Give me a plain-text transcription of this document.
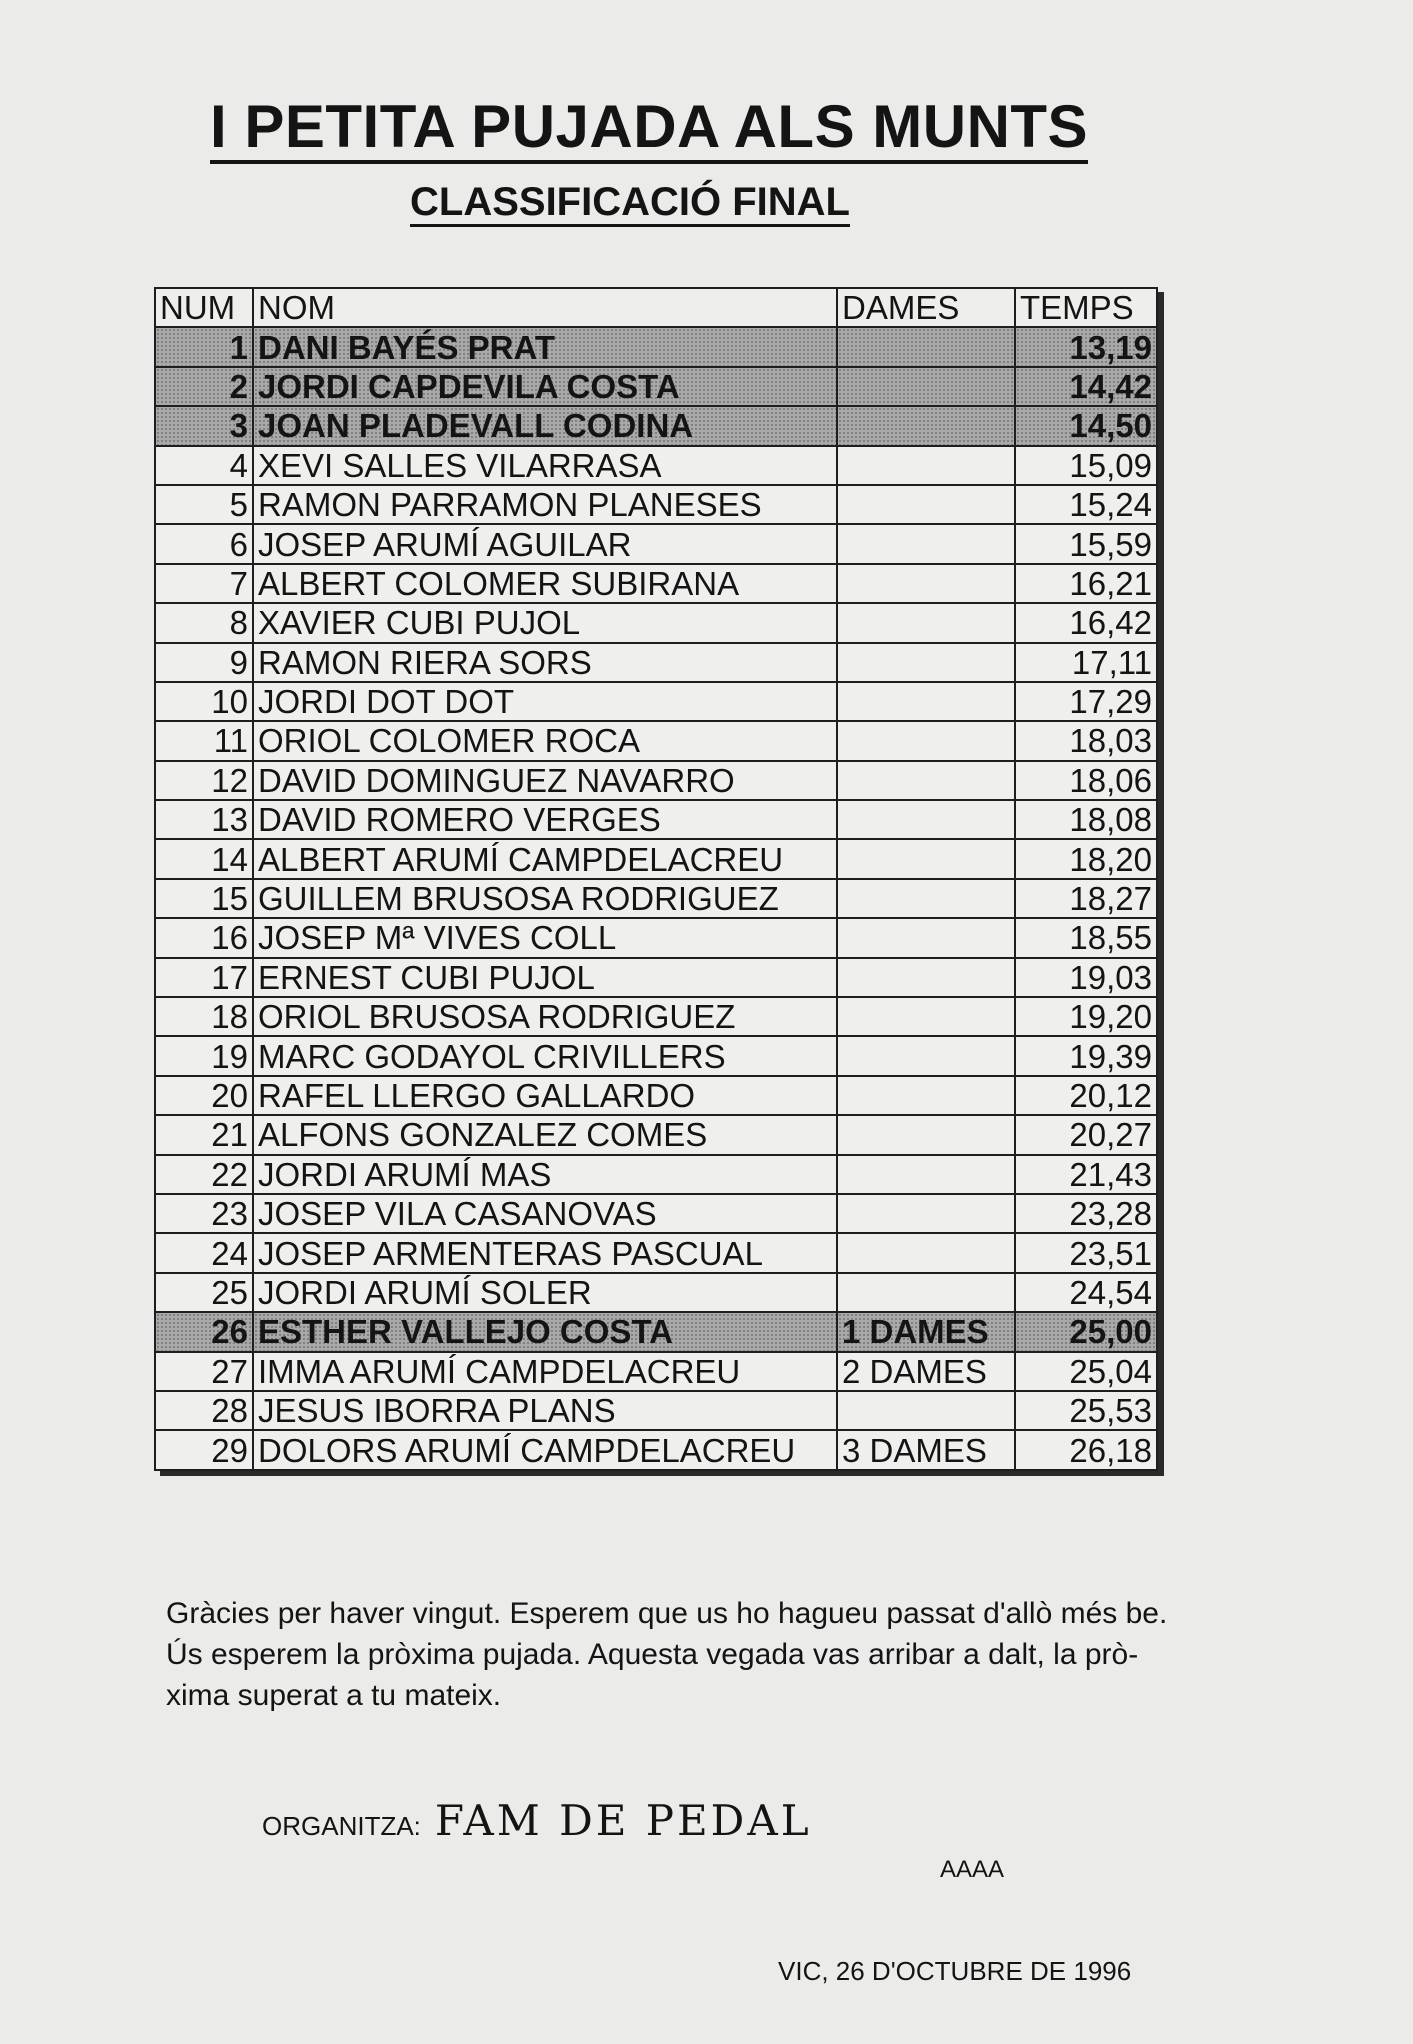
I PETITA PUJADA ALS MUNTS
CLASSIFICACIÓ FINAL
NUM	NOM	DAMES	TEMPS
1	DANI BAYÉS PRAT		13,19
2	JORDI CAPDEVILA COSTA		14,42
3	JOAN PLADEVALL CODINA		14,50
4	XEVI SALLES VILARRASA		15,09
5	RAMON PARRAMON PLANESES		15,24
6	JOSEP ARUMÍ AGUILAR		15,59
7	ALBERT COLOMER SUBIRANA		16,21
8	XAVIER CUBI PUJOL		16,42
9	RAMON RIERA SORS		17,11
10	JORDI DOT DOT		17,29
11	ORIOL COLOMER ROCA		18,03
12	DAVID DOMINGUEZ NAVARRO		18,06
13	DAVID ROMERO VERGES		18,08
14	ALBERT ARUMÍ CAMPDELACREU		18,20
15	GUILLEM BRUSOSA RODRIGUEZ		18,27
16	JOSEP Mª VIVES COLL		18,55
17	ERNEST CUBI PUJOL		19,03
18	ORIOL BRUSOSA RODRIGUEZ		19,20
19	MARC GODAYOL CRIVILLERS		19,39
20	RAFEL LLERGO GALLARDO		20,12
21	ALFONS GONZALEZ COMES		20,27
22	JORDI ARUMÍ MAS		21,43
23	JOSEP VILA CASANOVAS		23,28
24	JOSEP ARMENTERAS PASCUAL		23,51
25	JORDI ARUMÍ SOLER		24,54
26	ESTHER VALLEJO COSTA	1 DAMES	25,00
27	IMMA ARUMÍ CAMPDELACREU	2 DAMES	25,04
28	JESUS IBORRA PLANS		25,53
29	DOLORS ARUMÍ CAMPDELACREU	3 DAMES	26,18
Gràcies per haver vingut. Esperem que us ho hagueu passat d'allò més be.
Ús esperem la pròxima pujada. Aquesta vegada vas arribar a dalt, la prò-
xima superat a tu mateix.
ORGANITZA: FAM DE PEDAL
AAAA
VIC, 26 D'OCTUBRE DE 1996
